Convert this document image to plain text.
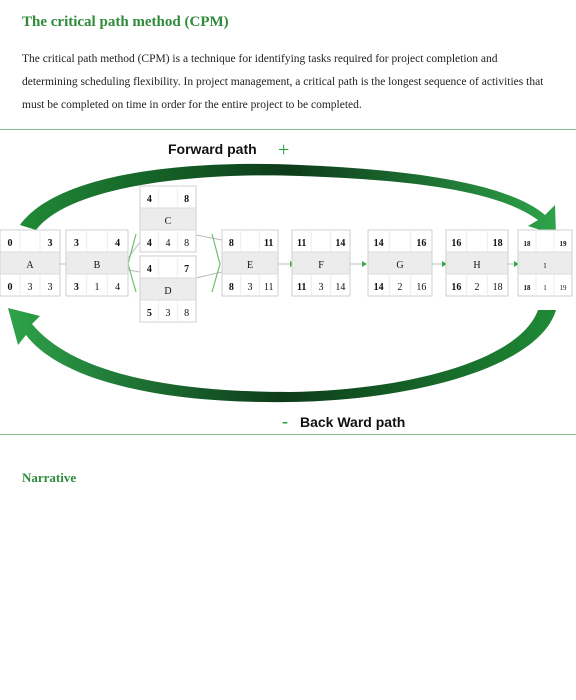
The critical path method (CPM)
The critical path method (CPM) is a technique for identifying tasks required for project completion and determining scheduling flexibility. In project management, a critical path is the longest sequence of activities that must be completed on time in order for the entire project to be completed.
Forward path +
- Back Ward path
0	3
A
0 3 3
3	4
B
3 1 4
4	8
C
4 4 8
4	7
D
5 3 8
8	11
E
8 3 11
11	14
F
11 3 14
14	16
G
14 2 16
16	18
H
16 2 18
18	19
I
18 1 19
Narrative
